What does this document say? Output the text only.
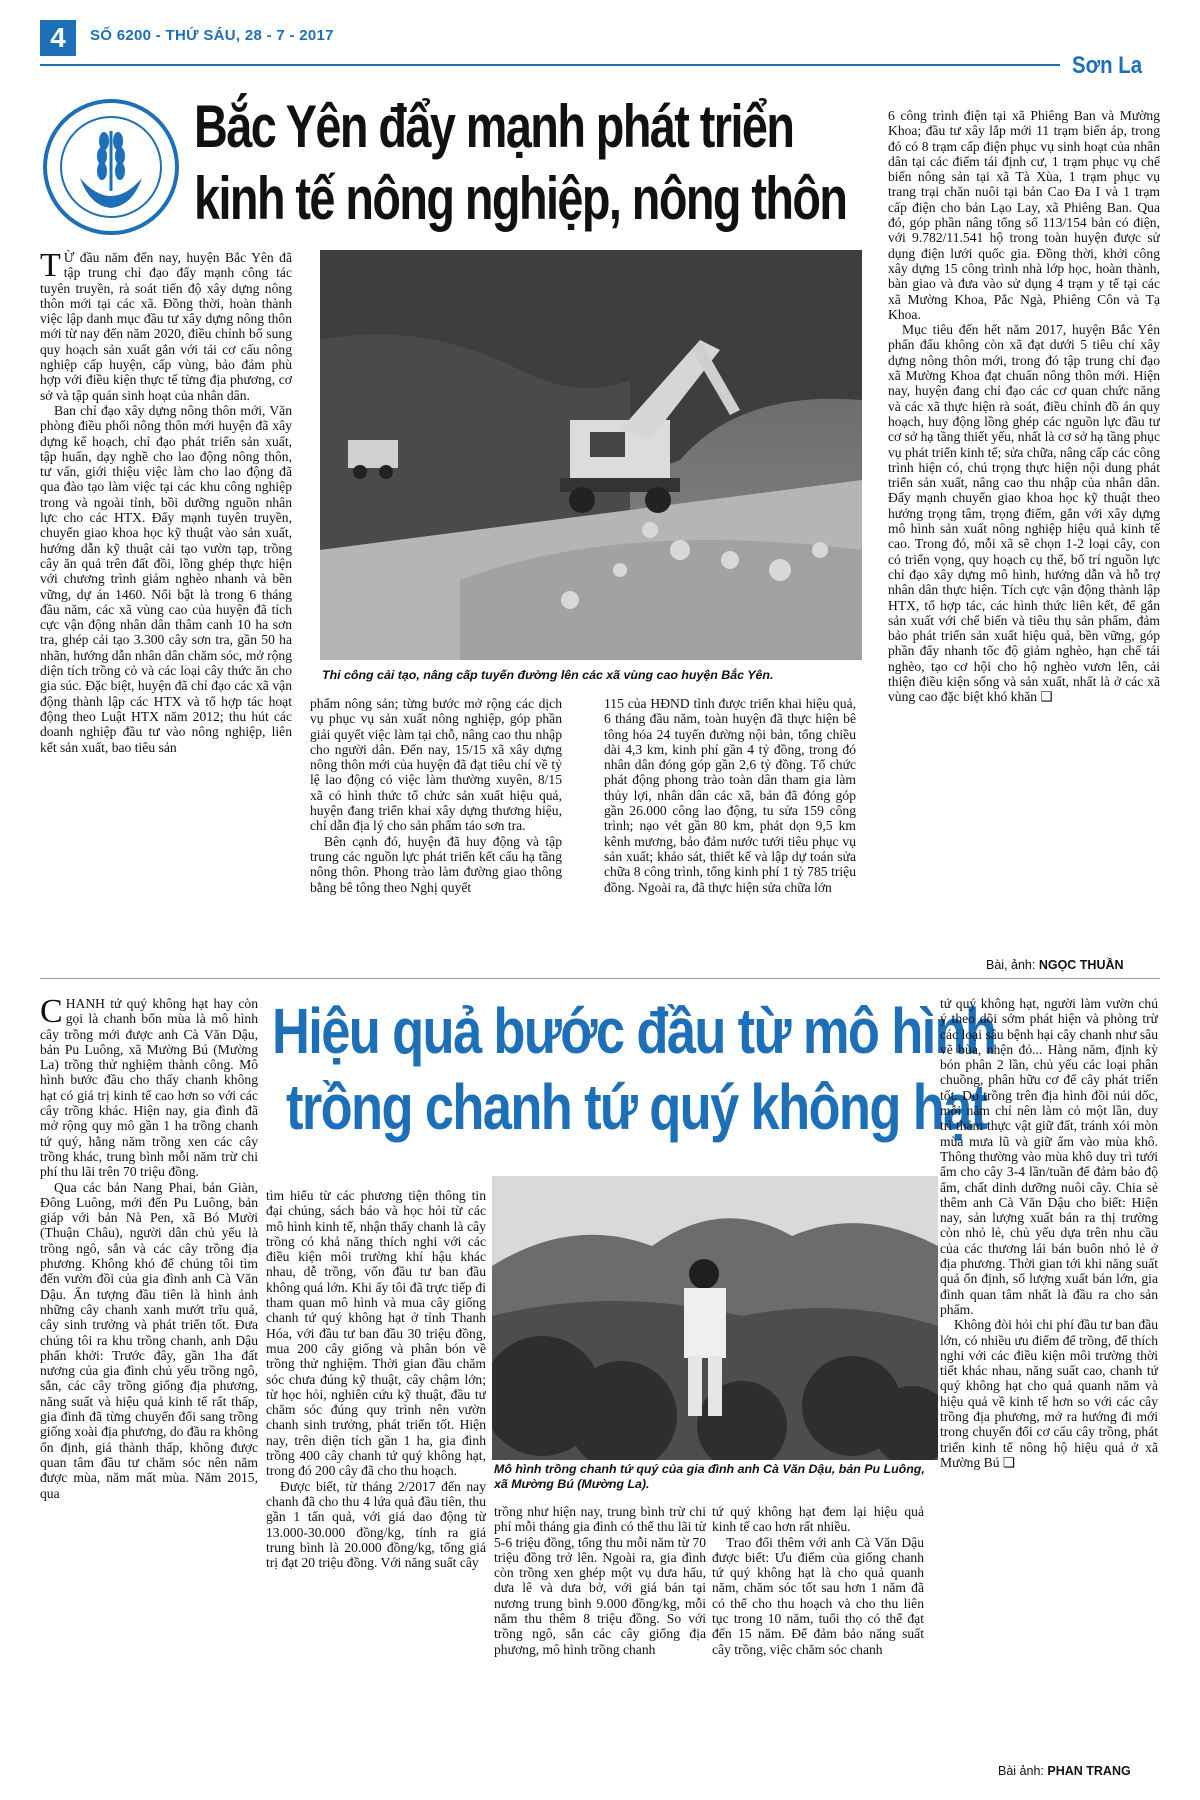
4	SỐ 6200 - THỨ SÁU, 28 - 7 - 2017
Sơn La
Bắc Yên đẩy mạnh phát triển
kinh tế nông nghiệp, nông thôn

T Ừ đầu năm đến nay, huyện Bắc Yên đã tập trung chỉ đạo đẩy mạnh công tác tuyên truyền, rà soát tiến độ xây dựng nông thôn mới tại các xã. Đồng thời, hoàn thành việc lập danh mục đầu tư xây dựng nông thôn mới từ nay đến năm 2020, điều chỉnh bổ sung quy hoạch sản xuất gắn với tái cơ cấu nông nghiệp cấp huyện, cấp vùng, bảo đảm phù hợp với điều kiện thực tế từng địa phương, cơ sở và tập quán sinh hoạt của nhân dân.

Ban chỉ đạo xây dựng nông thôn mới, Văn phòng điều phối nông thôn mới huyện đã xây dựng kế hoạch, chỉ đạo phát triển sản xuất, tập huấn, dạy nghề cho lao động nông thôn, tư vấn, giới thiệu việc làm cho lao động đã qua đào tạo làm việc tại các khu công nghiệp trong và ngoài tỉnh, bồi dưỡng nguồn nhân lực cho các HTX. Đẩy mạnh tuyên truyền, chuyển giao khoa học kỹ thuật vào sản xuất, hướng dẫn kỹ thuật cải tạo vườn tạp, trồng cây ăn quả trên đất đồi, lồng ghép thực hiện với chương trình giảm nghèo nhanh và bền vững, dự án 1460. Nổi bật là trong 6 tháng đầu năm, các xã vùng cao của huyện đã tích cực vận động nhân dân thâm canh 10 ha sơn tra, ghép cải tạo 3.300 cây sơn tra, gần 50 ha nhãn, hướng dẫn nhân dân chăm sóc, mở rộng diện tích trồng cỏ và các loại cây thức ăn cho gia súc. Đặc biệt, huyện đã chỉ đạo các xã vận động thành lập các HTX và tổ hợp tác hoạt động theo Luật HTX năm 2012; thu hút các doanh nghiệp đầu tư vào nông nghiệp, liên kết sản xuất, bao tiêu sản

Thi công cải tạo, nâng cấp tuyến đường lên các xã vùng cao huyện Bắc Yên.

phẩm nông sản; từng bước mở rộng các dịch vụ phục vụ sản xuất nông nghiệp, góp phần giải quyết việc làm tại chỗ, nâng cao thu nhập cho người dân. Đến nay, 15/15 xã xây dựng nông thôn mới của huyện đã đạt tiêu chí về tỷ lệ lao động có việc làm thường xuyên, 8/15 xã có hình thức tổ chức sản xuất hiệu quả, huyện đang triển khai xây dựng thương hiệu, chỉ dẫn địa lý cho sản phẩm táo sơn tra.

Bên cạnh đó, huyện đã huy động và tập trung các nguồn lực phát triển kết cấu hạ tầng nông thôn. Phong trào làm đường giao thông bằng bê tông theo Nghị quyết

115 của HĐND tỉnh được triển khai hiệu quả, 6 tháng đầu năm, toàn huyện đã thực hiện bê tông hóa 24 tuyến đường nội bản, tổng chiều dài 4,3 km, kinh phí gần 4 tỷ đồng, trong đó nhân dân đóng góp gần 2,6 tỷ đồng. Tổ chức phát động phong trào toàn dân tham gia làm thủy lợi, nhân dân các xã, bản đã đóng góp gần 26.000 công lao động, tu sửa 159 công trình; nạo vét gần 80 km, phát dọn 9,5 km kênh mương, bảo đảm nước tưới tiêu phục vụ sản xuất; khảo sát, thiết kế và lập dự toán sửa chữa 8 công trình, tổng kinh phí 1 tỷ 785 triệu đồng. Ngoài ra, đã thực hiện sửa chữa lớn

6 công trình điện tại xã Phiêng Ban và Mường Khoa; đầu tư xây lắp mới 11 trạm biến áp, trong đó có 8 trạm cấp điện phục vụ sinh hoạt của nhân dân tại các điểm tái định cư, 1 trạm phục vụ chế biến nông sản tại xã Tà Xùa, 1 trạm phục vụ trang trại chăn nuôi tại bản Cao Đa I và 1 trạm cấp điện cho bản Lạo Lay, xã Phiêng Ban. Qua đó, góp phần nâng tổng số 113/154 bản có điện, với 9.782/11.541 hộ trong toàn huyện được sử dụng điện lưới quốc gia. Đồng thời, khởi công xây dựng 15 công trình nhà lớp học, hoàn thành, bàn giao và đưa vào sử dụng 4 trạm y tế tại các xã Mường Khoa, Pắc Ngà, Phiêng Côn và Tạ Khoa.

Mục tiêu đến hết năm 2017, huyện Bắc Yên phấn đấu không còn xã đạt dưới 5 tiêu chí xây dựng nông thôn mới, trong đó tập trung chỉ đạo xã Mường Khoa đạt chuẩn nông thôn mới. Hiện nay, huyện đang chỉ đạo các cơ quan chức năng và các xã thực hiện rà soát, điều chỉnh đồ án quy hoạch, huy động lồng ghép các nguồn lực đầu tư cơ sở hạ tầng thiết yếu, nhất là cơ sở hạ tầng phục vụ phát triển kinh tế; sửa chữa, nâng cấp các công trình hiện có, chú trọng thực hiện nội dung phát triển sản xuất, nâng cao thu nhập của nhân dân. Đẩy mạnh chuyển giao khoa học kỹ thuật theo hướng trọng tâm, trọng điểm, gắn với xây dựng mô hình sản xuất nông nghiệp hiệu quả kinh tế cao. Trong đó, mỗi xã sẽ chọn 1-2 loại cây, con có triển vọng, quy hoạch cụ thể, bố trí nguồn lực chỉ đạo xây dựng mô hình, hướng dẫn và hỗ trợ nhân dân thực hiện. Tích cực vận động thành lập HTX, tổ hợp tác, các hình thức liên kết, để gắn sản xuất với chế biến và tiêu thụ sản phẩm, đảm bảo phát triển sản xuất hiệu quả, bền vững, góp phần đẩy nhanh tốc độ giảm nghèo, hạn chế tái nghèo, tạo cơ hội cho hộ nghèo vươn lên, cải thiện điều kiện sống và sản xuất, nhất là ở các xã vùng cao đặc biệt khó khăn ❑

Bài, ảnh: NGỌC THUẦN

CHANH tứ quý không hạt hay còn gọi là chanh bốn mùa là mô hình cây trồng mới được anh Cà Văn Dậu, bản Pu Luông, xã Mường Bú (Mường La) trồng thử nghiệm thành công. Mô hình bước đầu cho thấy chanh không hạt có giá trị kinh tế cao hơn so với các cây trồng khác. Hiện nay, gia đình đã mở rộng quy mô gần 1 ha trồng chanh tứ quý, hằng năm trồng xen các cây trồng khác, trung bình mỗi năm trừ chi phí thu lãi trên 70 triệu đồng.

Qua các bản Nang Phai, bản Giàn, Đông Luông, mới đến Pu Luông, bản giáp với bản Nà Pen, xã Bó Mười (Thuận Châu), người dân chủ yếu là trồng ngô, sắn và các cây trồng địa phương. Không khó để chúng tôi tìm đến vườn đồi của gia đình anh Cà Văn Dậu. Ấn tượng đầu tiên là hình ảnh những cây chanh xanh mướt trĩu quả, cây sinh trưởng và phát triển tốt. Đưa chúng tôi ra khu trồng chanh, anh Dậu phấn khởi: Trước đây, gần 1ha đất nương của gia đình chủ yếu trồng ngô, sắn, các cây trồng giống địa phương, năng suất và hiệu quả kinh tế rất thấp, gia đình đã từng chuyển đổi sang trồng giống xoài địa phương, do đầu ra không ổn định, giá thành thấp, không được quan tâm đầu tư chăm sóc nên năm được mùa, năm mất mùa. Năm 2015, qua

Hiệu quả bước đầu từ mô hình
trồng chanh tứ quý không hạt

tìm hiểu từ các phương tiện thông tin đại chúng, sách báo và học hỏi từ các mô hình kinh tế, nhận thấy chanh là cây trồng có khả năng thích nghi với các điều kiện môi trường khí hậu khác nhau, dễ trồng, vốn đầu tư ban đầu không quá lớn. Khi ấy tôi đã trực tiếp đi tham quan mô hình và mua cây giống chanh tứ quý không hạt ở tỉnh Thanh Hóa, với đầu tư ban đầu 30 triệu đồng, mua 200 cây giống và phân bón về trồng thử nghiệm. Thời gian đầu chăm sóc chưa đúng kỹ thuật, cây chậm lớn; từ học hỏi, nghiên cứu kỹ thuật, đầu tư chăm sóc đúng quy trình nên vườn chanh sinh trưởng, phát triển tốt. Hiện nay, trên diện tích gần 1 ha, gia đình trồng 400 cây chanh tứ quý không hạt, trong đó 200 cây đã cho thu hoạch.

Được biết, từ tháng 2/2017 đến nay chanh đã cho thu 4 lứa quả đầu tiên, thu gần 1 tấn quả, với giá dao động từ 13.000-30.000 đồng/kg, tính ra giá trung bình là 20.000 đồng/kg, tổng giá trị đạt 20 triệu đồng. Với năng suất cây

Mô hình trồng chanh tứ quý của gia đình anh Cà Văn Dậu, bản Pu Luông, xã Mường Bú (Mường La).

trồng như hiện nay, trung bình trừ chi phí mỗi tháng gia đình có thể thu lãi từ 5-6 triệu đồng, tổng thu mỗi năm từ 70 triệu đồng trở lên. Ngoài ra, gia đình còn trồng xen ghép một vụ dưa hấu, dưa lê và dưa bở, với giá bán tại nương trung bình 9.000 đồng/kg, mỗi năm thu thêm 8 triệu đồng. So với trồng ngô, sắn các cây giống địa phương, mô hình trồng chanh

tứ quý không hạt đem lại hiệu quả kinh tế cao hơn rất nhiều.

Trao đổi thêm với anh Cà Văn Dậu được biết: Ưu điểm của giống chanh tứ quý không hạt là cho quả quanh năm, chăm sóc tốt sau hơn 1 năm đã có thể cho thu hoạch và cho thu liên tục trong 10 năm, tuổi thọ có thể đạt đến 15 năm. Để đảm bảo năng suất cây trồng, việc chăm sóc chanh

tứ quý không hạt, người làm vườn chú ý theo dõi sớm phát hiện và phòng trừ các loại sâu bệnh hại cây chanh như sâu vẽ bùa, nhện đỏ... Hàng năm, định kỳ bón phân 2 lần, chủ yếu các loại phân chuồng, phân hữu cơ để cây phát triển tốt. Do trồng trên địa hình đồi núi dốc, mỗi năm chỉ nên làm cỏ một lần, duy trì thảm thực vật giữ đất, tránh xói mòn mùa mưa lũ và giữ ẩm vào mùa khô. Thông thường vào mùa khô duy trì tưới ẩm cho cây 3-4 lần/tuần để đảm bảo độ ẩm, chất dinh dưỡng nuôi cây. Chia sẻ thêm anh Cà Văn Dậu cho biết: Hiện nay, sản lượng xuất bán ra thị trường còn nhỏ lẻ, chủ yếu dựa trên nhu cầu của các thương lái bán buôn nhỏ lẻ ở địa phương. Thời gian tới khi năng suất quả ổn định, số lượng xuất bán lớn, gia đình quan tâm nhất là đầu ra cho sản phẩm.

Không đòi hỏi chi phí đầu tư ban đầu lớn, có nhiều ưu điểm để trồng, để thích nghi với các điều kiện môi trường thời tiết khác nhau, năng suất cao, chanh tứ quý không hạt cho quả quanh năm và hiệu quả về kinh tế hơn so với các cây trồng địa phương, mở ra hướng đi mới trong chuyển đổi cơ cấu cây trồng, phát triển kinh tế nông hộ hiệu quả ở xã Mường Bú ❑

Bài ảnh: PHAN TRANG
